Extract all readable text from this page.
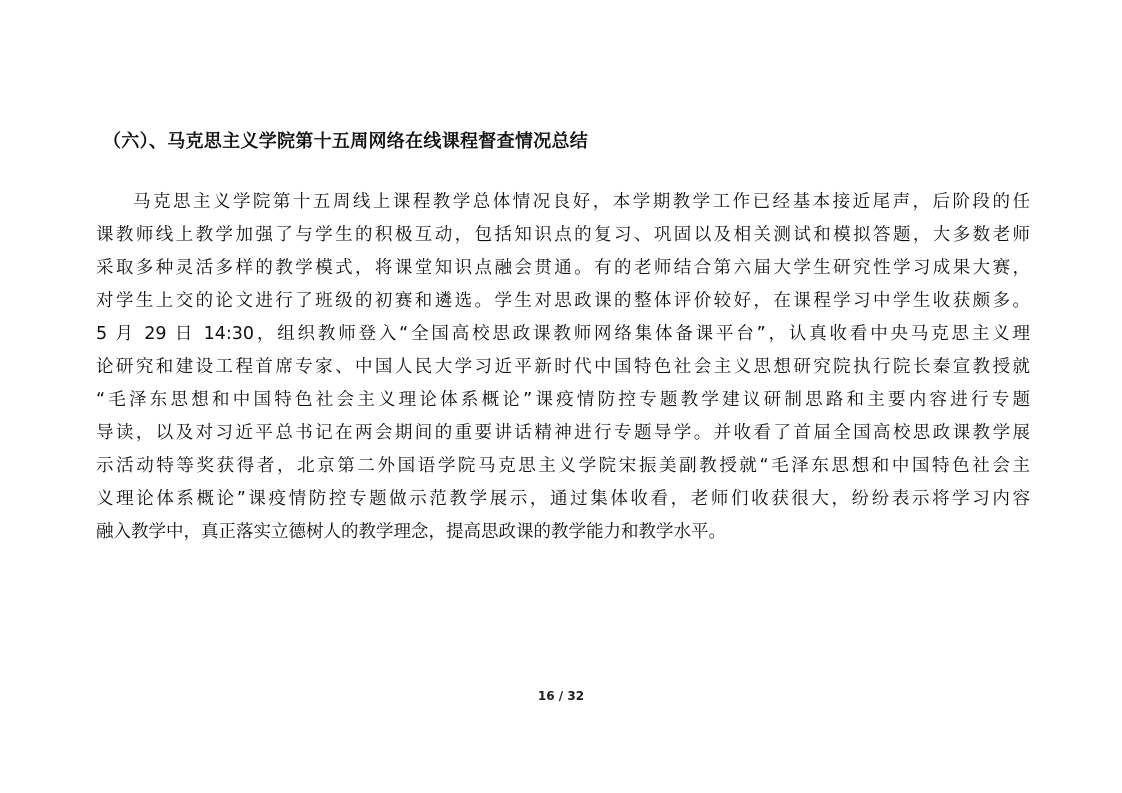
（六）、马克思主义学院第十五周网络在线课程督查情况总结
马克思主义学院第十五周线上课程教学总体情况良好，本学期教学工作已经基本接近尾声，后阶段的任
课教师线上教学加强了与学生的积极互动，包括知识点的复习、巩固以及相关测试和模拟答题，大多数老师
采取多种灵活多样的教学模式，将课堂知识点融会贯通。有的老师结合第六届大学生研究性学习成果大赛，
对学生上交的论文进行了班级的初赛和遴选。学生对思政课的整体评价较好，在课程学习中学生收获颇多。
5 月 29 日 14:30，组织教师登入“全国高校思政课教师网络集体备课平台”，认真收看中央马克思主义理
论研究和建设工程首席专家、中国人民大学习近平新时代中国特色社会主义思想研究院执行院长秦宣教授就
“毛泽东思想和中国特色社会主义理论体系概论”课疫情防控专题教学建议研制思路和主要内容进行专题
导读，以及对习近平总书记在两会期间的重要讲话精神进行专题导学。并收看了首届全国高校思政课教学展
示活动特等奖获得者，北京第二外国语学院马克思主义学院宋振美副教授就“毛泽东思想和中国特色社会主
义理论体系概论”课疫情防控专题做示范教学展示，通过集体收看，老师们收获很大，纷纷表示将学习内容
融入教学中，真正落实立德树人的教学理念，提高思政课的教学能力和教学水平。
16 / 32
